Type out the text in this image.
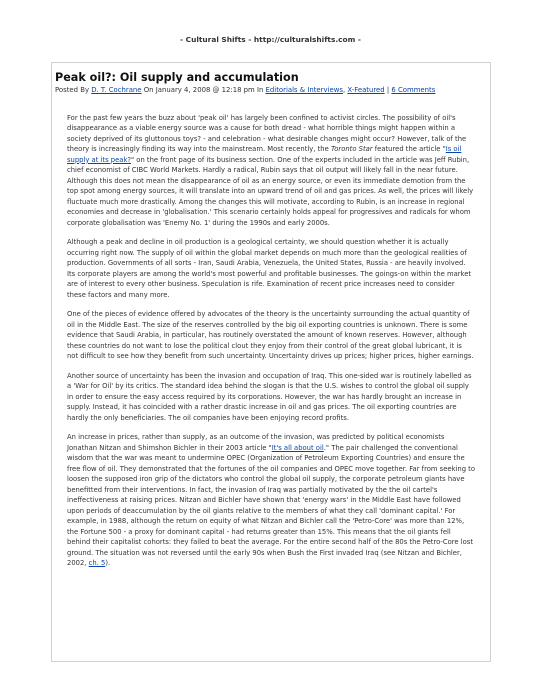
- Cultural Shifts - http://culturalshifts.com -
Peak oil?: Oil supply and accumulation
Posted By D. T. Cochrane On January 4, 2008 @ 12:18 pm In Editorials & Interviews, X-Featured | 6 Comments

For the past few years the buzz about 'peak oil' has largely been confined to activist circles. The possibility of oil's disappearance as a viable energy source was a cause for both dread - what horrible things might happen within a society deprived of its gluttonous toys? - and celebration - what desirable changes might occur? However, talk of the theory is increasingly finding its way into the mainstream. Most recently, the Toronto Star featured the article "Is oil supply at its peak?" on the front page of its business section. One of the experts included in the article was Jeff Rubin, chief economist of CIBC World Markets. Hardly a radical, Rubin says that oil output will likely fall in the near future. Although this does not mean the disappearance of oil as an energy source, or even its immediate demotion from the top spot among energy sources, it will translate into an upward trend of oil and gas prices. As well, the prices will likely fluctuate much more drastically. Among the changes this will motivate, according to Rubin, is an increase in regional economies and decrease in 'globalisation.' This scenario certainly holds appeal for progressives and radicals for whom corporate globalisation was 'Enemy No. 1' during the 1990s and early 2000s.

Although a peak and decline in oil production is a geological certainty, we should question whether it is actually occurring right now. The supply of oil within the global market depends on much more than the geological realities of production. Governments of all sorts - Iran, Saudi Arabia, Venezuela, the United States, Russia - are heavily involved. Its corporate players are among the world's most powerful and profitable businesses. The goings-on within the market are of interest to every other business. Speculation is rife. Examination of recent price increases need to consider these factors and many more.

One of the pieces of evidence offered by advocates of the theory is the uncertainty surrounding the actual quantity of oil in the Middle East. The size of the reserves controlled by the big oil exporting countries is unknown. There is some evidence that Saudi Arabia, in particular, has routinely overstated the amount of known reserves. However, although these countries do not want to lose the political clout they enjoy from their control of the great global lubricant, it is not difficult to see how they benefit from such uncertainty. Uncertainty drives up prices; higher prices, higher earnings.

Another source of uncertainty has been the invasion and occupation of Iraq. This one-sided war is routinely labelled as a 'War for Oil' by its critics. The standard idea behind the slogan is that the U.S. wishes to control the global oil supply in order to ensure the easy access required by its corporations. However, the war has hardly brought an increase in supply. Instead, it has coincided with a rather drastic increase in oil and gas prices. The oil exporting countries are hardly the only beneficiaries. The oil companies have been enjoying record profits.

An increase in prices, rather than supply, as an outcome of the invasion, was predicted by political economists Jonathan Nitzan and Shimshon Bichler in their 2003 article "It's all about oil." The pair challenged the conventional wisdom that the war was meant to undermine OPEC (Organization of Petroleum Exporting Countries) and ensure the free flow of oil. They demonstrated that the fortunes of the oil companies and OPEC move together. Far from seeking to loosen the supposed iron grip of the dictators who control the global oil supply, the corporate petroleum giants have benefitted from their interventions. In fact, the invasion of Iraq was partially motivated by the the oil cartel's ineffectiveness at raising prices. Nitzan and Bichler have shown that 'energy wars' in the Middle East have followed upon periods of deaccumulation by the oil giants relative to the members of what they call 'dominant capital.' For example, in 1988, although the return on equity of what Nitzan and Bichler call the 'Petro-Core' was more than 12%, the Fortune 500 - a proxy for dominant capital - had returns greater than 15%. This means that the oil giants fell behind their capitalist cohorts: they failed to beat the average. For the entire second half of the 80s the Petro-Core lost ground. The situation was not reversed until the early 90s when Bush the First invaded Iraq (see Nitzan and Bichler, 2002, ch. 5).
